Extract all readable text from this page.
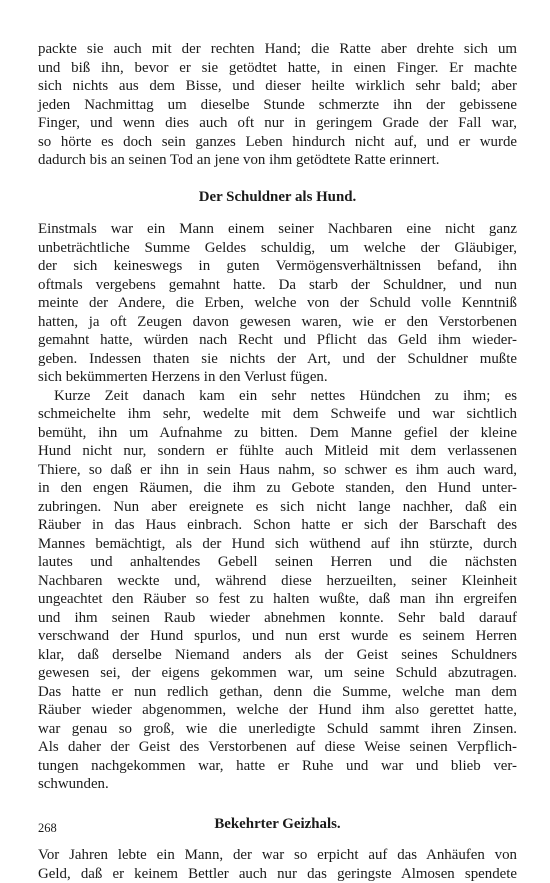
packte sie auch mit der rechten Hand; die Ratte aber drehte sich um
und biß ihn, bevor er sie getödtet hatte, in einen Finger. Er machte
sich nichts aus dem Bisse, und dieser heilte wirklich sehr bald; aber
jeden Nachmittag um dieselbe Stunde schmerzte ihn der gebissene
Finger, und wenn dies auch oft nur in geringem Grade der Fall war,
so hörte es doch sein ganzes Leben hindurch nicht auf, und er wurde
dadurch bis an seinen Tod an jene von ihm getödtete Ratte erinnert.
Der Schuldner als Hund.
Einstmals war ein Mann einem seiner Nachbaren eine nicht ganz
unbeträchtliche Summe Geldes schuldig, um welche der Gläubiger,
der sich keineswegs in guten Vermögensverhältnissen befand, ihn
oftmals vergebens gemahnt hatte. Da starb der Schuldner, und nun
meinte der Andere, die Erben, welche von der Schuld volle Kenntniß
hatten, ja oft Zeugen davon gewesen waren, wie er den Verstorbenen
gemahnt hatte, würden nach Recht und Pflicht das Geld ihm wieder-
geben. Indessen thaten sie nichts der Art, und der Schuldner mußte
sich bekümmerten Herzens in den Verlust fügen.
Kurze Zeit danach kam ein sehr nettes Hündchen zu ihm; es
schmeichelte ihm sehr, wedelte mit dem Schweife und war sichtlich
bemüht, ihn um Aufnahme zu bitten. Dem Manne gefiel der kleine
Hund nicht nur, sondern er fühlte auch Mitleid mit dem verlassenen
Thiere, so daß er ihn in sein Haus nahm, so schwer es ihm auch ward,
in den engen Räumen, die ihm zu Gebote standen, den Hund unter-
zubringen. Nun aber ereignete es sich nicht lange nachher, daß ein
Räuber in das Haus einbrach. Schon hatte er sich der Barschaft des
Mannes bemächtigt, als der Hund sich wüthend auf ihn stürzte, durch
lautes und anhaltendes Gebell seinen Herren und die nächsten
Nachbaren weckte und, während diese herzueilten, seiner Kleinheit
ungeachtet den Räuber so fest zu halten wußte, daß man ihn ergreifen
und ihm seinen Raub wieder abnehmen konnte. Sehr bald darauf
verschwand der Hund spurlos, und nun erst wurde es seinem Herren
klar, daß derselbe Niemand anders als der Geist seines Schuldners
gewesen sei, der eigens gekommen war, um seine Schuld abzutragen.
Das hatte er nun redlich gethan, denn die Summe, welche man dem
Räuber wieder abgenommen, welche der Hund ihm also gerettet hatte,
war genau so groß, wie die unerledigte Schuld sammt ihren Zinsen.
Als daher der Geist des Verstorbenen auf diese Weise seinen Verpflich-
tungen nachgekommen war, hatte er Ruhe und war und blieb ver-
schwunden.
Bekehrter Geizhals.
Vor Jahren lebte ein Mann, der war so erpicht auf das Anhäufen von
Geld, daß er keinem Bettler auch nur das geringste Almosen spendete
268
